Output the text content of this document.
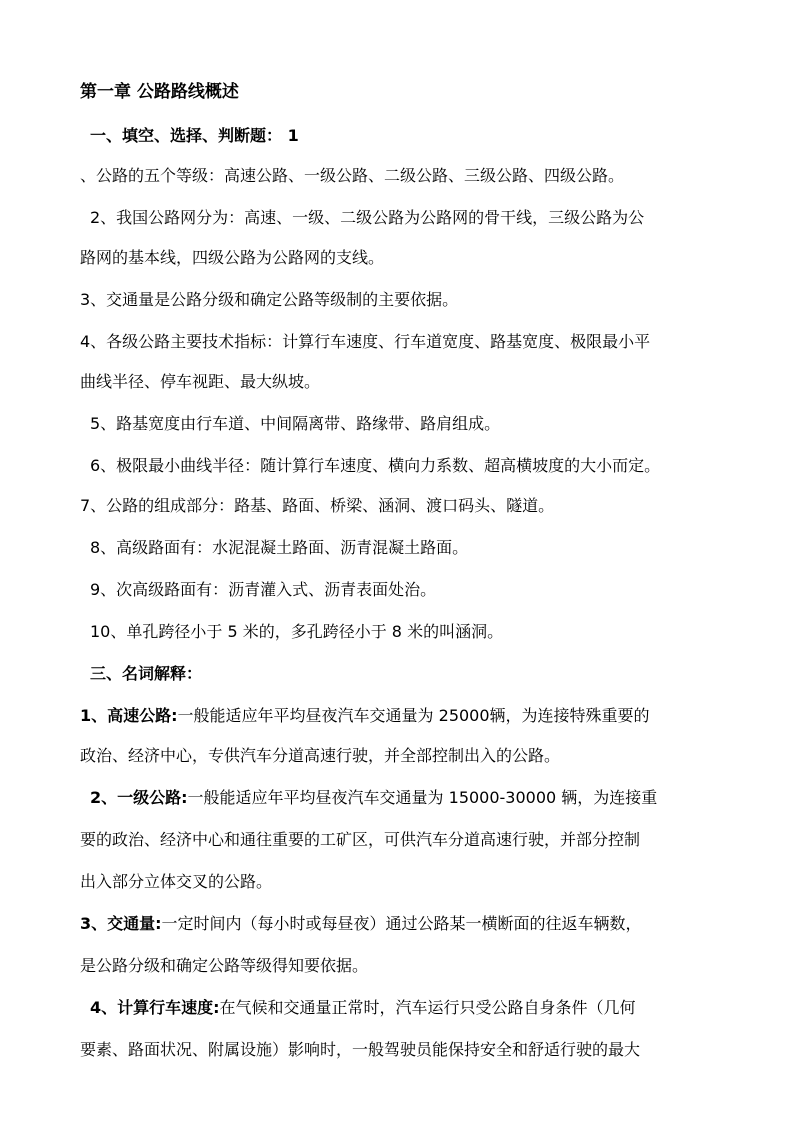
第一章 公路路线概述
一、填空、选择、判断题： 1
、公路的五个等级：高速公路、一级公路、二级公路、三级公路、四级公路。
2、我国公路网分为：高速、一级、二级公路为公路网的骨干线，三级公路为公
路网的基本线，四级公路为公路网的支线。
3、交通量是公路分级和确定公路等级制的主要依据。
4、各级公路主要技术指标：计算行车速度、行车道宽度、路基宽度、极限最小平
曲线半径、停车视距、最大纵坡。
5、路基宽度由行车道、中间隔离带、路缘带、路肩组成。
6、极限最小曲线半径：随计算行车速度、横向力系数、超高横坡度的大小而定。
7、公路的组成部分：路基、路面、桥梁、涵洞、渡口码头、隧道。
8、高级路面有：水泥混凝土路面、沥青混凝土路面。
9、次高级路面有：沥青灌入式、沥青表面处治。
10、单孔跨径小于 5 米的，多孔跨径小于 8 米的叫涵洞。
三、名词解释：
1、高速公路:一般能适应年平均昼夜汽车交通量为 25000辆，为连接特殊重要的
政治、经济中心，专供汽车分道高速行驶，并全部控制出入的公路。
2、一级公路:一般能适应年平均昼夜汽车交通量为 15000-30000 辆，为连接重
要的政治、经济中心和通往重要的工矿区，可供汽车分道高速行驶，并部分控制
出入部分立体交叉的公路。
3、交通量:一定时间内（每小时或每昼夜）通过公路某一横断面的往返车辆数，
是公路分级和确定公路等级得知要依据。
4、计算行车速度:在气候和交通量正常时，汽车运行只受公路自身条件（几何
要素、路面状况、附属设施）影响时，一般驾驶员能保持安全和舒适行驶的最大
